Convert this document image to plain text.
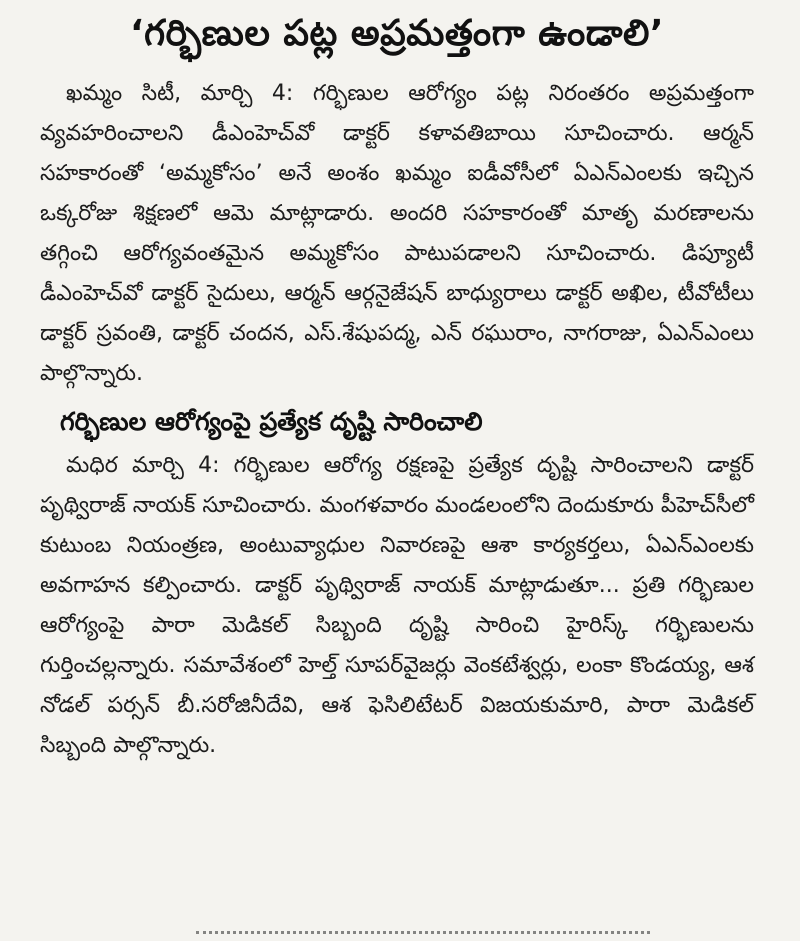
‘గర్భిణుల పట్ల అప్రమత్తంగా ఉండాలి’

ఖమ్మం సిటీ, మార్చి 4: గర్భిణుల ఆరోగ్యం పట్ల నిరంతరం అప్రమత్తంగా వ్యవహరించాలని డీఎంహెచ్‌వో డాక్టర్ కళావతిబాయి సూచించారు. ఆర్మన్ సహకారంతో ‘అమ్మకోసం’ అనే అంశం ఖమ్మం ఐడీవోసీలో ఏఎన్ఎంలకు ఇచ్చిన ఒక్కరోజు శిక్షణలో ఆమె మాట్లాడారు. అందరి సహకారంతో మాతృ మరణాలను తగ్గించి ఆరోగ్యవంతమైన అమ్మకోసం పాటుపడాలని సూచించారు. డిప్యూటీ డీఎంహెచ్‌వో డాక్టర్ సైదులు, ఆర్మన్ ఆర్గనైజేషన్ బాధ్యురాలు డాక్టర్ అఖిల, టీవోటీలు డాక్టర్ స్రవంతి, డాక్టర్ చందన, ఎస్.శేషుపద్మ, ఎన్ రఘురాం, నాగరాజు, ఏఎన్ఎంలు పాల్గొన్నారు.

గర్భిణుల ఆరోగ్యంపై ప్రత్యేక దృష్టి సారించాలి

మధిర మార్చి 4: గర్భిణుల ఆరోగ్య రక్షణపై ప్రత్యేక దృష్టి సారించాలని డాక్టర్ పృథ్విరాజ్ నాయక్ సూచించారు. మంగళవారం మండలంలోని దెందుకూరు పీహెచ్‌సీలో కుటుంబ నియంత్రణ, అంటువ్యాధుల నివారణపై ఆశా కార్యకర్తలు, ఏఎన్ఎంలకు అవగాహన కల్పించారు. డాక్టర్ పృథ్విరాజ్ నాయక్ మాట్లాడుతూ... ప్రతి గర్భిణుల ఆరోగ్యంపై పారా మెడికల్ సిబ్బంది దృష్టి సారించి హైరిస్క్ గర్భిణులను గుర్తించల్లన్నారు. సమావేశంలో హెల్త్ సూపర్‌వైజర్లు వెంకటేశ్వర్లు, లంకా కొండయ్య, ఆశ నోడల్ పర్సన్ బీ.సరోజినీదేవి, ఆశ ఫెసిలిటేటర్ విజయకుమారి, పారా మెడికల్ సిబ్బంది పాల్గొన్నారు.
